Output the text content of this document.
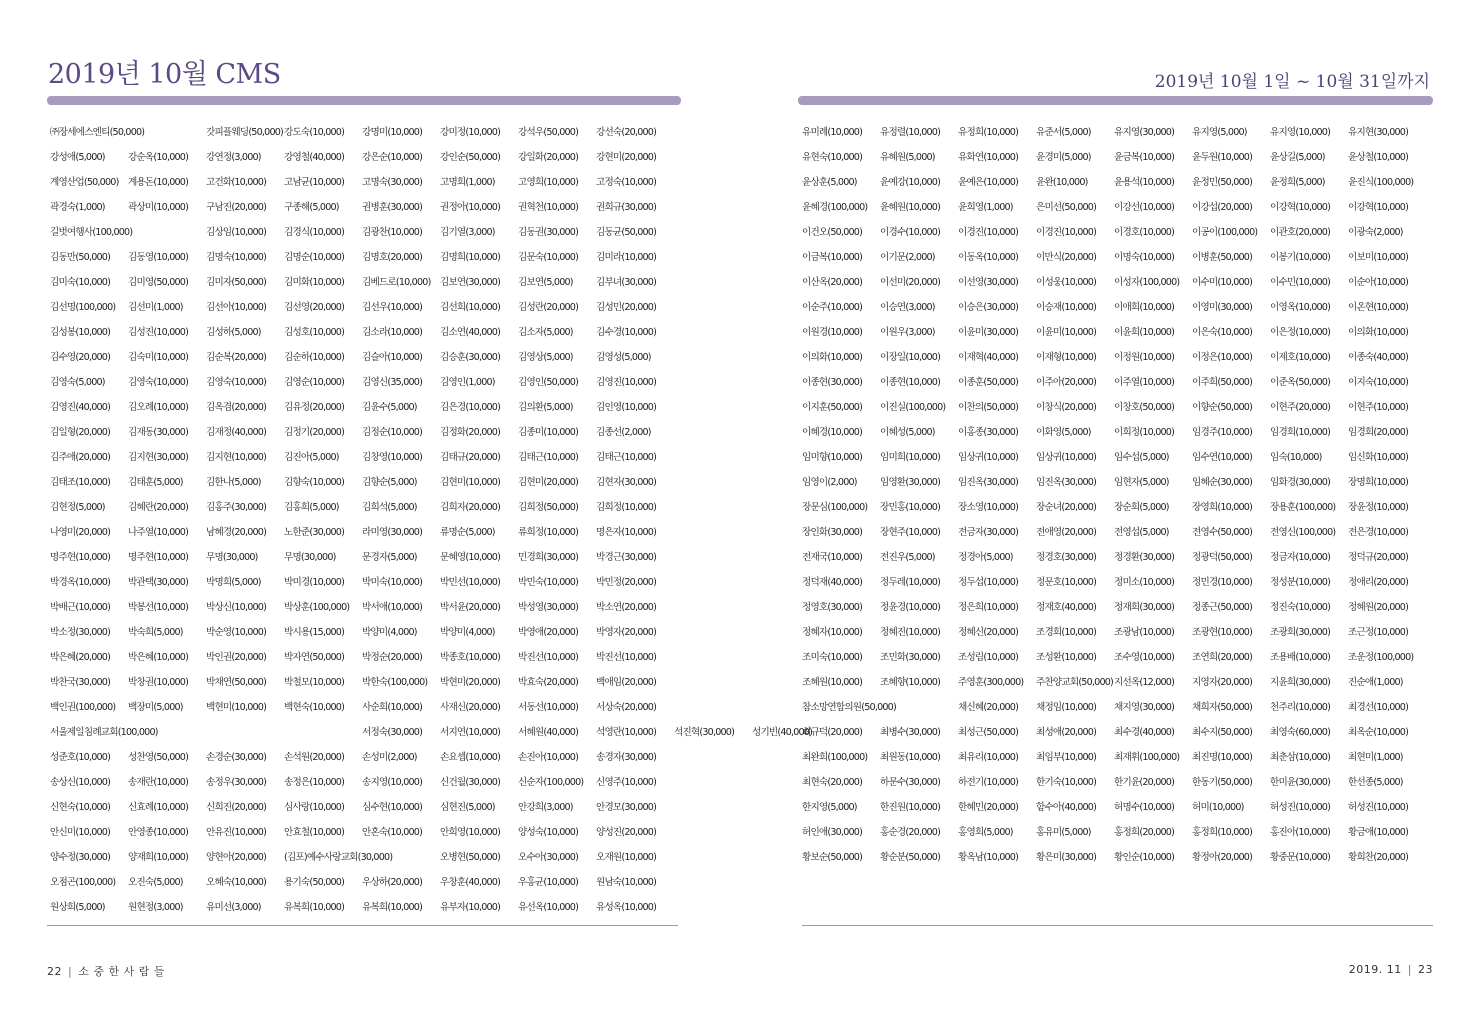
2019년 10월 CMS	2019년 10월 1일 ~ 10월 31일까지
㈜장세에스엔티(50,000)	갓피플웨딩(50,000) 강도숙(10,000)	강명미(10,000)	강미정(10,000)	강석우(50,000)	강선숙(20,000)
강성애(5,000)	강순옥(10,000)	강연정(3,000)	강영철(40,000)	강은순(10,000)	강인순(50,000)	강일화(20,000)	강현미(20,000)
계영산업(50,000) 계용돈(10,000)	고건화(10,000)	고남균(10,000)	고명숙(30,000)	고명희(1,000)	고영희(10,000)	고정숙(10,000)
곽경숙(1,000)	곽상미(10,000)	구남진(20,000)	구종해(5,000)	권병훈(30,000)	권정아(10,000)	권혁천(10,000)	권희규(30,000)
길벗여행사(100,000)	김상임(10,000)	김경식(10,000)	김광찬(10,000)	김기열(3,000)	김동권(30,000)	김동균(50,000)
김동만(50,000)	김동영(10,000)	김명숙(10,000)	김명순(10,000)	김명호(20,000)	김명희(10,000)	김문숙(10,000)	김미라(10,000)
김미숙(10,000)	김미영(50,000)	김미자(50,000)	김미화(10,000)	김베드로(10,000) 김보연(30,000)	김보연(5,000)	김부녀(30,000)
김선명(100,000)	김선미(1,000)	김선아(10,000)	김선영(20,000)	김선우(10,000)	김선희(10,000)	김성란(20,000)	김성민(20,000)
김성봉(10,000)	김성진(10,000)	김성하(5,000)	김성호(10,000)	김소라(10,000)	김소연(40,000)	김소자(5,000)	김수경(10,000)
김수영(20,000)	김숙미(10,000)	김순복(20,000)	김순하(10,000)	김슬아(10,000)	김승훈(30,000)	김영상(5,000)	김영성(5,000)
김영숙(5,000)	김영숙(10,000)	김영숙(10,000)	김영순(10,000)	김영신(35,000)	김영인(1,000)	김영인(50,000)	김영진(10,000)
김영진(40,000)	김오례(10,000)	김옥겸(20,000)	김유정(20,000)	김윤수(5,000)	김은경(10,000)	김의환(5,000)	김인영(10,000)
김일형(20,000)	김재동(30,000)	김재정(40,000)	김정기(20,000)	김정순(10,000)	김정화(20,000)	김종미(10,000)	김종선(2,000)
김주애(20,000)	김지현(30,000)	김지현(10,000)	김진아(5,000)	김창영(10,000)	김태규(20,000)	김태근(10,000)	김태근(10,000)
김태조(10,000)	김태훈(5,000)	김한나(5,000)	김향숙(10,000)	김향순(5,000)	김현미(10,000)	김현미(20,000)	김현자(30,000)
김현정(5,000)	김혜란(20,000)	김홍주(30,000)	김홍희(5,000)	김희석(5,000)	김희자(20,000)	김희정(50,000)	김희정(10,000)
나영미(20,000)	나주열(10,000)	남혜경(20,000)	노한준(30,000)	라미영(30,000)	류명순(5,000)	류희정(10,000)	명은자(10,000)
명주현(10,000)	명주현(10,000)	무명(30,000)	무명(30,000)	문경자(5,000)	문혜영(10,000)	민경희(30,000)	박경근(30,000)
박경옥(10,000)	박관택(30,000)	박명희(5,000)	박미경(10,000)	박미숙(10,000)	박민선(10,000)	박민숙(10,000)	박민정(20,000)
박배근(10,000)	박봉선(10,000)	박상신(10,000)	박상훈(100,000)	박서애(10,000)	박서윤(20,000)	박성영(30,000)	박소연(20,000)
박소정(30,000)	박숙희(5,000)	박순영(10,000)	박시용(15,000)	박양미(4,000)	박양미(4,000)	박영애(20,000)	박영자(20,000)
박은혜(20,000)	박은혜(10,000)	박인권(20,000)	박자연(50,000)	박정순(20,000)	박종호(10,000)	박진선(10,000)	박진선(10,000)
박찬국(30,000)	박창권(10,000)	박채연(50,000)	박철모(10,000)	박한숙(100,000)	박현미(20,000)	박효숙(20,000)	백애임(20,000)
백인권(100,000)	백장미(5,000)	백현미(10,000)	백현숙(10,000)	사순희(10,000)	사재신(20,000)	서동선(10,000)	서상숙(20,000)
서울제일침례교회(100,000)	서정숙(30,000)	서지연(10,000)	서혜원(40,000)	석영란(10,000)	석진혁(30,000)	성기빈(40,000)
성준호(10,000)	성찬영(50,000)	손경순(30,000)	손석원(20,000)	손성미(2,000)	손요셉(10,000)	손진아(10,000)	송경자(30,000)
송상신(10,000)	송재란(10,000)	송정우(30,000)	송정은(10,000)	송지영(10,000)	신건월(30,000)	신순자(100,000)	신영주(10,000)
신현숙(10,000)	신효례(10,000)	신희진(20,000)	심사랑(10,000)	심수현(10,000)	심현진(5,000)	안강희(3,000)	안경모(30,000)
안신미(10,000)	안영종(10,000)	안유진(10,000)	안효철(10,000)	안혼숙(10,000)	안희영(10,000)	양성숙(10,000)	양성진(20,000)
양수정(30,000)	양재희(10,000)	양현아(20,000)	(김포)예수사랑교회(30,000)	오병현(50,000)	오수아(30,000)	오재원(10,000)
오점곤(100,000)	오진숙(5,000)	오혜숙(10,000)	용기숙(50,000)	우상하(20,000)	우창훈(40,000)	우홍균(10,000)	원남숙(10,000)
원상희(5,000)	원현정(3,000)	유미선(3,000)	유복희(10,000)	유복희(10,000)	유부자(10,000)	유선옥(10,000)	유성옥(10,000)
유미례(10,000)	유정렬(10,000)	유정희(10,000)	유준서(5,000)	유지영(30,000)	유지영(5,000)	유지영(10,000)	유지현(30,000)
유현숙(10,000)	유혜원(5,000)	유화연(10,000)	윤경미(5,000)	윤금복(10,000)	윤두원(10,000)	윤상길(5,000)	윤상철(10,000)
윤상훈(5,000)	윤예강(10,000)	윤예은(10,000)	윤완(10,000)	윤용석(10,000)	윤정민(50,000)	윤정희(5,000)	윤진식(100,000)
윤혜경(100,000)	윤혜원(10,000)	윤희영(1,000)	은미선(50,000)	이강선(10,000)	이강섭(20,000)	이강혁(10,000)	이강혁(10,000)
이건오(50,000)	이경수(10,000)	이경진(10,000)	이경진(10,000)	이경호(10,000)	이공이(100,000)	이관호(20,000)	이광숙(2,000)
이금복(10,000)	이기문(2,000)	이동옥(10,000)	이만식(20,000)	이명숙(10,000)	이병훈(50,000)	이봉기(10,000)	이보미(10,000)
이산옥(20,000)	이선미(20,000)	이선영(30,000)	이성웅(10,000)	이성자(100,000)	이수미(10,000)	이수민(10,000)	이순아(10,000)
이순주(10,000)	이승연(3,000)	이승은(30,000)	이승재(10,000)	이애희(10,000)	이영미(30,000)	이영옥(10,000)	이온현(10,000)
이원경(10,000)	이원우(3,000)	이윤미(30,000)	이윤미(10,000)	이윤희(10,000)	이은숙(10,000)	이은정(10,000)	이의화(10,000)
이의화(10,000)	이장일(10,000)	이재혁(40,000)	이재형(10,000)	이정원(10,000)	이정은(10,000)	이제호(10,000)	이종숙(40,000)
이종현(30,000)	이종현(10,000)	이종훈(50,000)	이주아(20,000)	이주열(10,000)	이주희(50,000)	이준옥(50,000)	이지숙(10,000)
이지훈(50,000)	이진실(100,000)	이찬의(50,000)	이창식(20,000)	이창호(50,000)	이향순(50,000)	이현주(20,000)	이현주(10,000)
이혜경(10,000)	이혜성(5,000)	이홍종(30,000)	이화영(5,000)	이희정(10,000)	임경주(10,000)	임경희(10,000)	임경희(20,000)
임미향(10,000)	임미희(10,000)	임상귀(10,000)	임상귀(10,000)	임수섭(5,000)	임수연(10,000)	임숙(10,000)	임신화(10,000)
임영이(2,000)	임영환(30,000)	임진옥(30,000)	임진옥(30,000)	임현자(5,000)	임혜순(30,000)	임화경(30,000)	장명희(10,000)
장문심(100,000)	장민홍(10,000)	장소영(10,000)	장순녀(20,000)	장순희(5,000)	장영희(10,000)	장용훈(100,000)	장윤정(10,000)
장인화(30,000)	장현주(10,000)	전금자(30,000)	전애영(20,000)	전영섭(5,000)	전영수(50,000)	전영신(100,000)	전은경(10,000)
전재국(10,000)	전진우(5,000)	정경아(5,000)	정경호(30,000)	정경환(30,000)	정광덕(50,000)	정금자(10,000)	정덕규(20,000)
정덕재(40,000)	정두레(10,000)	정두섭(10,000)	정문호(10,000)	정미소(10,000)	정민경(10,000)	정성분(10,000)	정애리(20,000)
정영호(30,000)	정윤경(10,000)	정은희(10,000)	정재호(40,000)	정재희(30,000)	정종근(50,000)	정진숙(10,000)	정혜원(20,000)
정혜자(10,000)	정혜진(10,000)	정혜신(20,000)	조경희(10,000)	조광남(10,000)	조광현(10,000)	조광희(30,000)	조근정(10,000)
조미숙(10,000)	조민화(30,000)	조성림(10,000)	조성환(10,000)	조수영(10,000)	조연희(20,000)	조용배(10,000)	조운정(100,000)
조혜원(10,000)	조혜향(10,000)	주영훈(300,000)	주찬양교회(50,000) 지선옥(12,000)	지영자(20,000)	지윤희(30,000)	진순애(1,000)
참소망연합의원(50,000)	채신혜(20,000)	채정임(10,000)	채지영(30,000)	채희자(50,000)	천주리(10,000)	최경선(10,000)
최규덕(20,000)	최병수(30,000)	최성근(50,000)	최성애(20,000)	최수경(40,000)	최수지(50,000)	최영숙(60,000)	최옥순(10,000)
최완희(100,000)	최원동(10,000)	최유리(10,000)	최임부(10,000)	최재휘(100,000)	최진명(10,000)	최춘삼(10,000)	최현미(1,000)
최현숙(20,000)	하문수(30,000)	하전기(10,000)	한기숙(10,000)	한기윤(20,000)	한동기(50,000)	한미윤(30,000)	한선종(5,000)
한지영(5,000)	한진원(10,000)	한혜민(20,000)	함수아(40,000)	허명수(10,000)	허미(10,000)	허성진(10,000)	허성진(10,000)
허인애(30,000)	홍순경(20,000)	홍영희(5,000)	홍유미(5,000)	홍정희(20,000)	홍정희(10,000)	홍진아(10,000)	황금애(10,000)
황보순(50,000)	황순분(50,000)	황옥남(10,000)	황은미(30,000)	황인순(10,000)	황정아(20,000)	황중문(10,000)	황희찬(20,000)
22 | 소 중 한 사 람 들	2019. 11 | 23
